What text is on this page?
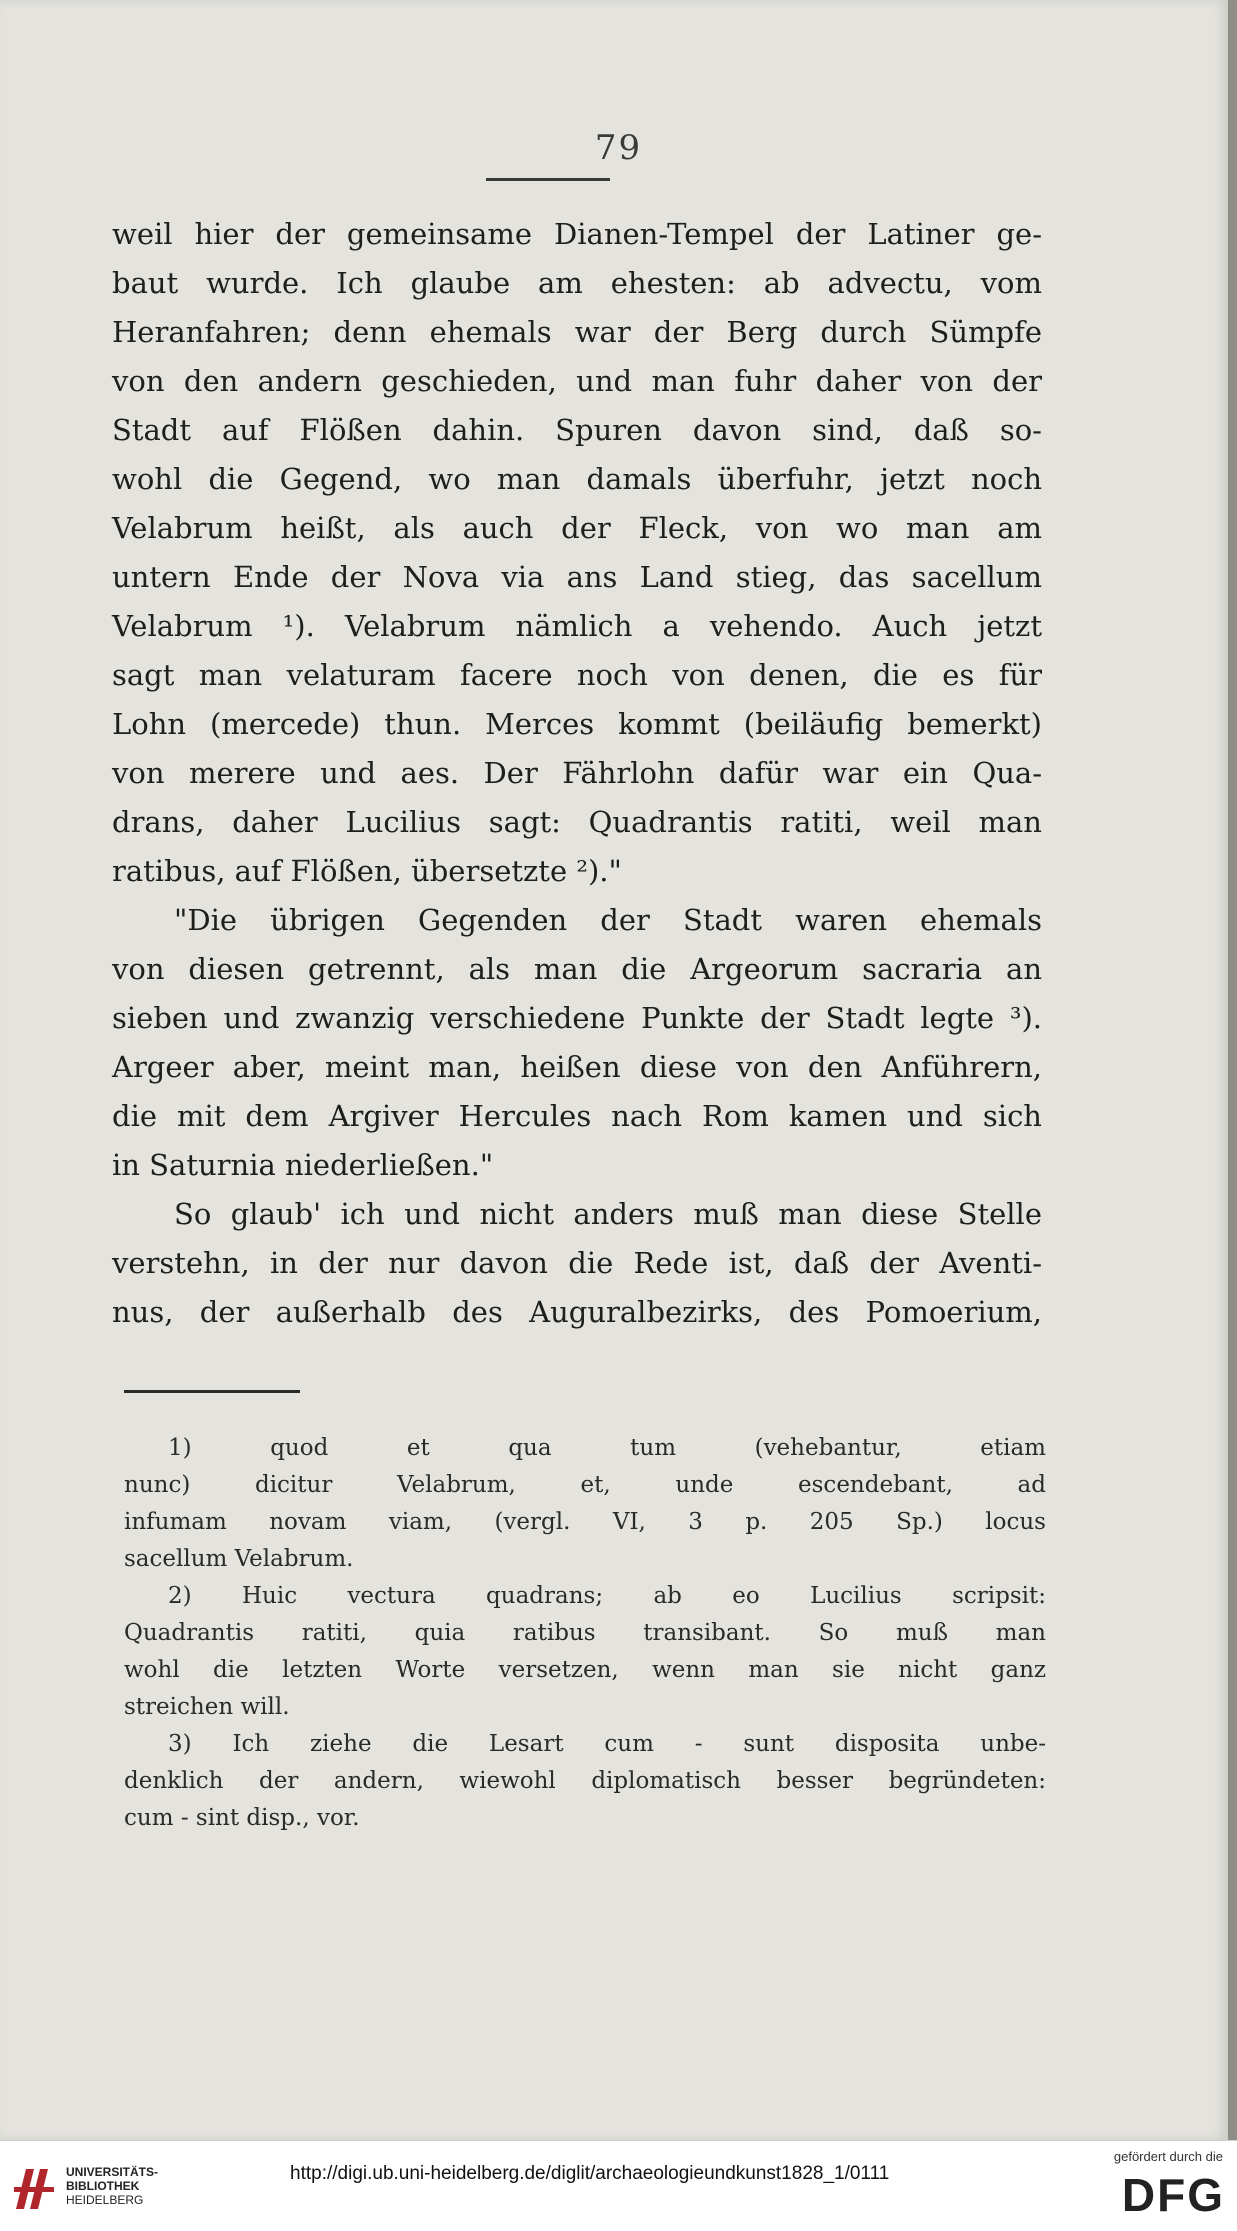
79
weil hier der gemeinsame Dianen-Tempel der Latiner ge-
baut wurde. Ich glaube am ehesten: ab advectu, vom
Heranfahren; denn ehemals war der Berg durch Sümpfe
von den andern geschieden, und man fuhr daher von der
Stadt auf Flößen dahin. Spuren davon sind, daß so-
wohl die Gegend, wo man damals überfuhr, jetzt noch
Velabrum heißt, als auch der Fleck, von wo man am
untern Ende der Nova via ans Land stieg, das sacellum
Velabrum ¹). Velabrum nämlich a vehendo. Auch jetzt
sagt man velaturam facere noch von denen, die es für
Lohn (mercede) thun. Merces kommt (beiläufig bemerkt)
von merere und aes. Der Fährlohn dafür war ein Qua-
drans, daher Lucilius sagt: Quadrantis ratiti, weil man
ratibus, auf Flößen, übersetzte ²)."
"Die übrigen Gegenden der Stadt waren ehemals
von diesen getrennt, als man die Argeorum sacraria an
sieben und zwanzig verschiedene Punkte der Stadt legte ³).
Argeer aber, meint man, heißen diese von den Anführern,
die mit dem Argiver Hercules nach Rom kamen und sich
in Saturnia niederließen."
So glaub' ich und nicht anders muß man diese Stelle
verstehn, in der nur davon die Rede ist, daß der Aventi-
nus, der außerhalb des Auguralbezirks, des Pomoerium,
1) quod et qua tum (vehebantur, etiam
nunc) dicitur Velabrum, et, unde escendebant, ad
infumam novam viam, (vergl. VI, 3 p. 205 Sp.) locus
sacellum Velabrum.
2) Huic vectura quadrans; ab eo Lucilius scripsit:
Quadrantis ratiti, quia ratibus transibant. So muß man
wohl die letzten Worte versetzen, wenn man sie nicht ganz
streichen will.
3) Ich ziehe die Lesart cum - sunt disposita unbe-
denklich der andern, wiewohl diplomatisch besser begründeten:
cum - sint disp., vor.
UNIVERSITÄTS-
BIBLIOTHEK
HEIDELBERG
http://digi.ub.uni-heidelberg.de/diglit/archaeologieundkunst1828_1/0111
gefördert durch die
DFG
